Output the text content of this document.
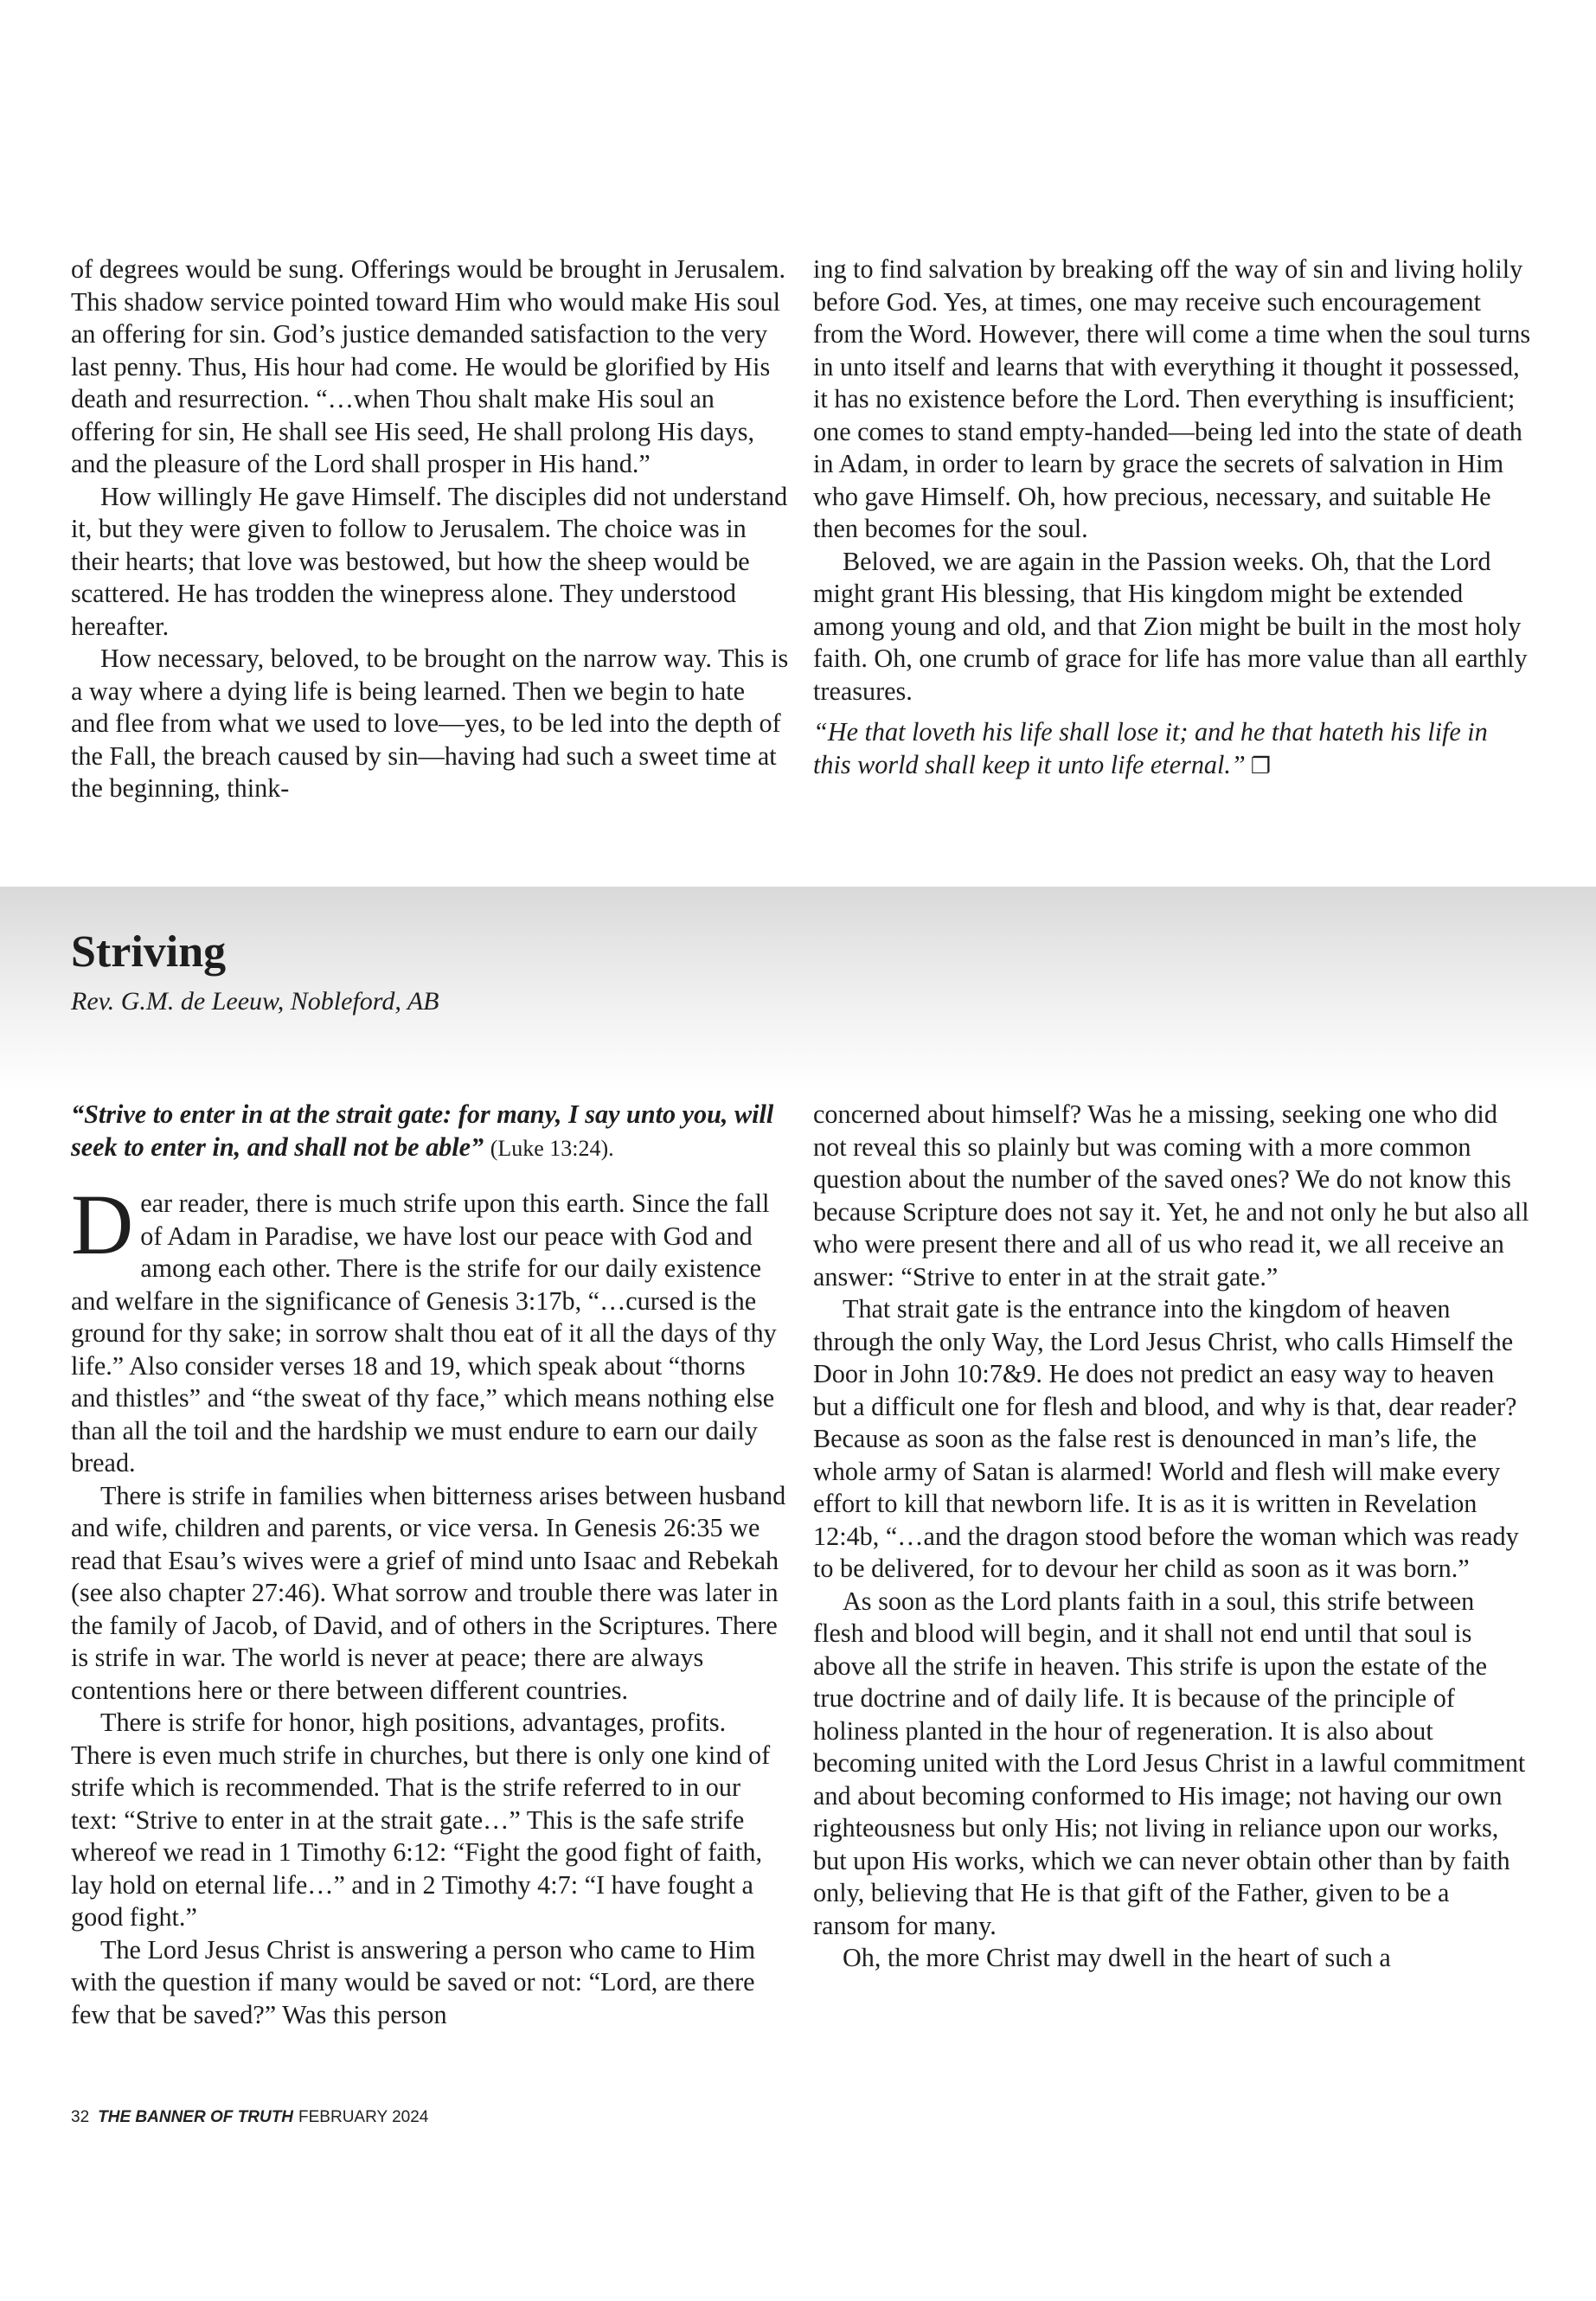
of degrees would be sung. Offerings would be brought in Jerusalem. This shadow service pointed toward Him who would make His soul an offering for sin. God’s justice demanded satisfaction to the very last penny. Thus, His hour had come. He would be glorified by His death and resurrection. “…when Thou shalt make His soul an offering for sin, He shall see His seed, He shall prolong His days, and the pleasure of the Lord shall prosper in His hand.”

How willingly He gave Himself. The disciples did not understand it, but they were given to follow to Jerusalem. The choice was in their hearts; that love was bestowed, but how the sheep would be scattered. He has trodden the winepress alone. They understood hereafter.

How necessary, beloved, to be brought on the narrow way. This is a way where a dying life is being learned. Then we begin to hate and flee from what we used to love—yes, to be led into the depth of the Fall, the breach caused by sin—having had such a sweet time at the beginning, think-

ing to find salvation by breaking off the way of sin and living holily before God. Yes, at times, one may receive such encouragement from the Word. However, there will come a time when the soul turns in unto itself and learns that with everything it thought it possessed, it has no existence before the Lord. Then everything is insufficient; one comes to stand empty-handed—being led into the state of death in Adam, in order to learn by grace the secrets of salvation in Him who gave Himself. Oh, how precious, necessary, and suitable He then becomes for the soul.

Beloved, we are again in the Passion weeks. Oh, that the Lord might grant His blessing, that His kingdom might be extended among young and old, and that Zion might be built in the most holy faith. Oh, one crumb of grace for life has more value than all earthly treasures.

“He that loveth his life shall lose it; and he that hateth his life in this world shall keep it unto life eternal.” ❐

Striving

Rev. G.M. de Leeuw, Nobleford, AB

“Strive to enter in at the strait gate: for many, I say unto you, will seek to enter in, and shall not be able” (Luke 13:24).

Dear reader, there is much strife upon this earth. Since the fall of Adam in Paradise, we have lost our peace with God and among each other. There is the strife for our daily existence and welfare in the significance of Genesis 3:17b, “…cursed is the ground for thy sake; in sorrow shalt thou eat of it all the days of thy life.” Also consider verses 18 and 19, which speak about “thorns and thistles” and “the sweat of thy face,” which means nothing else than all the toil and the hardship we must endure to earn our daily bread.

There is strife in families when bitterness arises between husband and wife, children and parents, or vice versa. In Genesis 26:35 we read that Esau’s wives were a grief of mind unto Isaac and Rebekah (see also chapter 27:46). What sorrow and trouble there was later in the family of Jacob, of David, and of others in the Scriptures. There is strife in war. The world is never at peace; there are always contentions here or there between different countries.

There is strife for honor, high positions, advantages, profits. There is even much strife in churches, but there is only one kind of strife which is recommended. That is the strife referred to in our text: “Strive to enter in at the strait gate…” This is the safe strife whereof we read in 1 Timothy 6:12: “Fight the good fight of faith, lay hold on eternal life…” and in 2 Timothy 4:7: “I have fought a good fight.”

The Lord Jesus Christ is answering a person who came to Him with the question if many would be saved or not: “Lord, are there few that be saved?” Was this person

concerned about himself? Was he a missing, seeking one who did not reveal this so plainly but was coming with a more common question about the number of the saved ones? We do not know this because Scripture does not say it. Yet, he and not only he but also all who were present there and all of us who read it, we all receive an answer: “Strive to enter in at the strait gate.”

That strait gate is the entrance into the kingdom of heaven through the only Way, the Lord Jesus Christ, who calls Himself the Door in John 10:7&9. He does not predict an easy way to heaven but a difficult one for flesh and blood, and why is that, dear reader? Because as soon as the false rest is denounced in man’s life, the whole army of Satan is alarmed! World and flesh will make every effort to kill that newborn life. It is as it is written in Revelation 12:4b, “…and the dragon stood before the woman which was ready to be delivered, for to devour her child as soon as it was born.”

As soon as the Lord plants faith in a soul, this strife between flesh and blood will begin, and it shall not end until that soul is above all the strife in heaven. This strife is upon the estate of the true doctrine and of daily life. It is because of the principle of holiness planted in the hour of regeneration. It is also about becoming united with the Lord Jesus Christ in a lawful commitment and about becoming conformed to His image; not having our own righteousness but only His; not living in reliance upon our works, but upon His works, which we can never obtain other than by faith only, believing that He is that gift of the Father, given to be a ransom for many.

Oh, the more Christ may dwell in the heart of such a

32 THE BANNER OF TRUTH FEBRUARY 2024
